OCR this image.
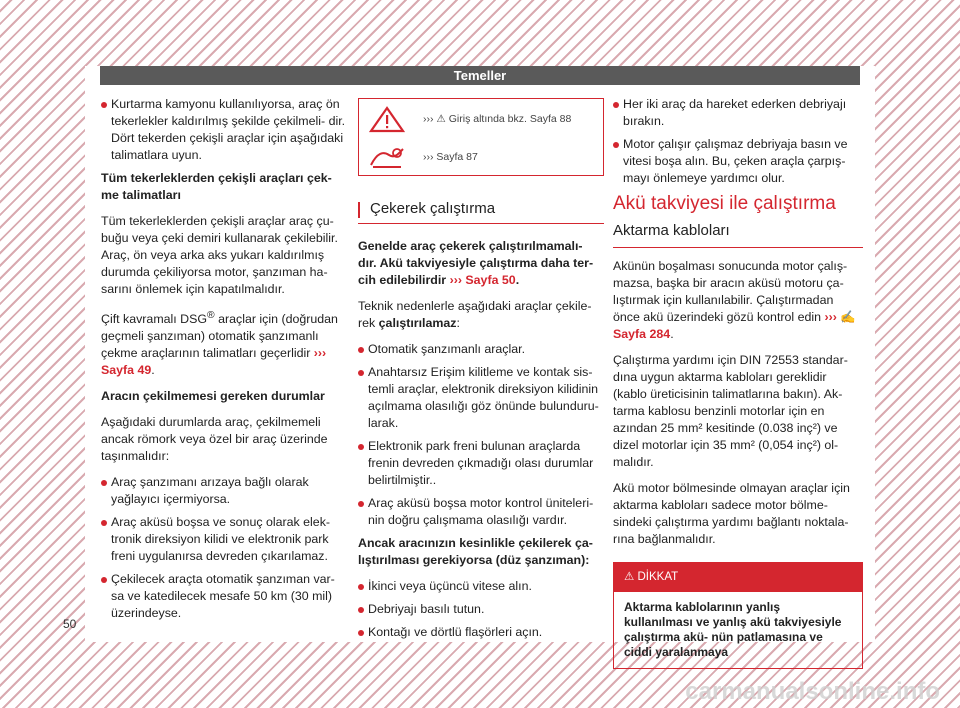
Temeller

Kurtarma kamyonu kullanılıyorsa, araç ön tekerlekler kaldırılmış şekilde çekilmeli- dir. Dört tekerden çekişli araçlar için aşağıdaki talimatlara uyun.

Tüm tekerleklerden çekişli araçları çek- me talimatları

Tüm tekerleklerden çekişli araçlar araç çu- buğu veya çeki demiri kullanarak çekilebilir. Araç, ön veya arka aks yukarı kaldırılmış durumda çekiliyorsa motor, şanzıman ha- sarını önlemek için kapatılmalıdır.

Çift kavramalı DSG® araçlar için (doğrudan geçmeli şanzıman) otomatik şanzımanlı çekme araçlarının talimatları geçerlidir ››› Sayfa 49.

Aracın çekilmemesi gereken durumlar

Aşağıdaki durumlarda araç, çekilmemeli ancak römork veya özel bir araç üzerinde taşınmalıdır:

Araç şanzımanı arızaya bağlı olarak yağlayıcı içermiyorsa.

Araç aküsü boşsa ve sonuç olarak elek- tronik direksiyon kilidi ve elektronik park freni uygulanırsa devreden çıkarılamaz.

Çekilecek araçta otomatik şanzıman var- sa ve katedilecek mesafe 50 km (30 mil) üzerindeyse.

››› ⚠ Giriş altında bkz. Sayfa 88
››› Sayfa 87
Çekerek çalıştırma

Genelde araç çekerek çalıştırılmamalı- dır. Akü takviyesiyle çalıştırma daha ter- cih edilebilirdir ››› Sayfa 50.

Teknik nedenlerle aşağıdaki araçlar çekile- rek çalıştırılamaz:

Otomatik şanzımanlı araçlar.

Anahtarsız Erişim kilitleme ve kontak sis- temli araçlar, elektronik direksiyon kilidinin açılmama olasılığı göz önünde bulunduru- larak.

Elektronik park freni bulunan araçlarda frenin devreden çıkmadığı olası durumlar belirtilmiştir..

Araç aküsü boşsa motor kontrol üniteleri- nin doğru çalışmama olasılığı vardır.

Ancak aracınızın kesinlikle çekilerek ça- lıştırılması gerekiyorsa (düz şanzıman):

İkinci veya üçüncü vitese alın.

Debriyajı basılı tutun.

Kontağı ve dörtlü flaşörleri açın.

Her iki araç da hareket ederken debriyajı bırakın.

Motor çalışır çalışmaz debriyaja basın ve vitesi boşa alın. Bu, çeken araçla çarpış- mayı önlemeye yardımcı olur.

Akü takviyesi ile çalıştırma
Aktarma kabloları

Akünün boşalması sonucunda motor çalış- mazsa, başka bir aracın aküsü motoru ça- lıştırmak için kullanılabilir. Çalıştırmadan önce akü üzerindeki gözü kontrol edin ››› ✍ Sayfa 284.

Çalıştırma yardımı için DIN 72553 standar- dına uygun aktarma kabloları gereklidir (kablo üreticisinin talimatlarına bakın). Ak- tarma kablosu benzinli motorlar için en azından 25 mm² kesitinde (0.038 inç²) ve dizel motorlar için 35 mm² (0,054 inç²) ol- malıdır.

Akü motor bölmesinde olmayan araçlar için aktarma kabloları sadece motor bölme- sindeki çalıştırma yardımı bağlantı noktala- rına bağlanmalıdır.

⚠ DİKKAT
Aktarma kablolarının yanlış kullanılması ve yanlış akü takviyesiyle çalıştırma akü- nün patlamasına ve ciddi yaralanmaya
50
carmanualsonline.info
